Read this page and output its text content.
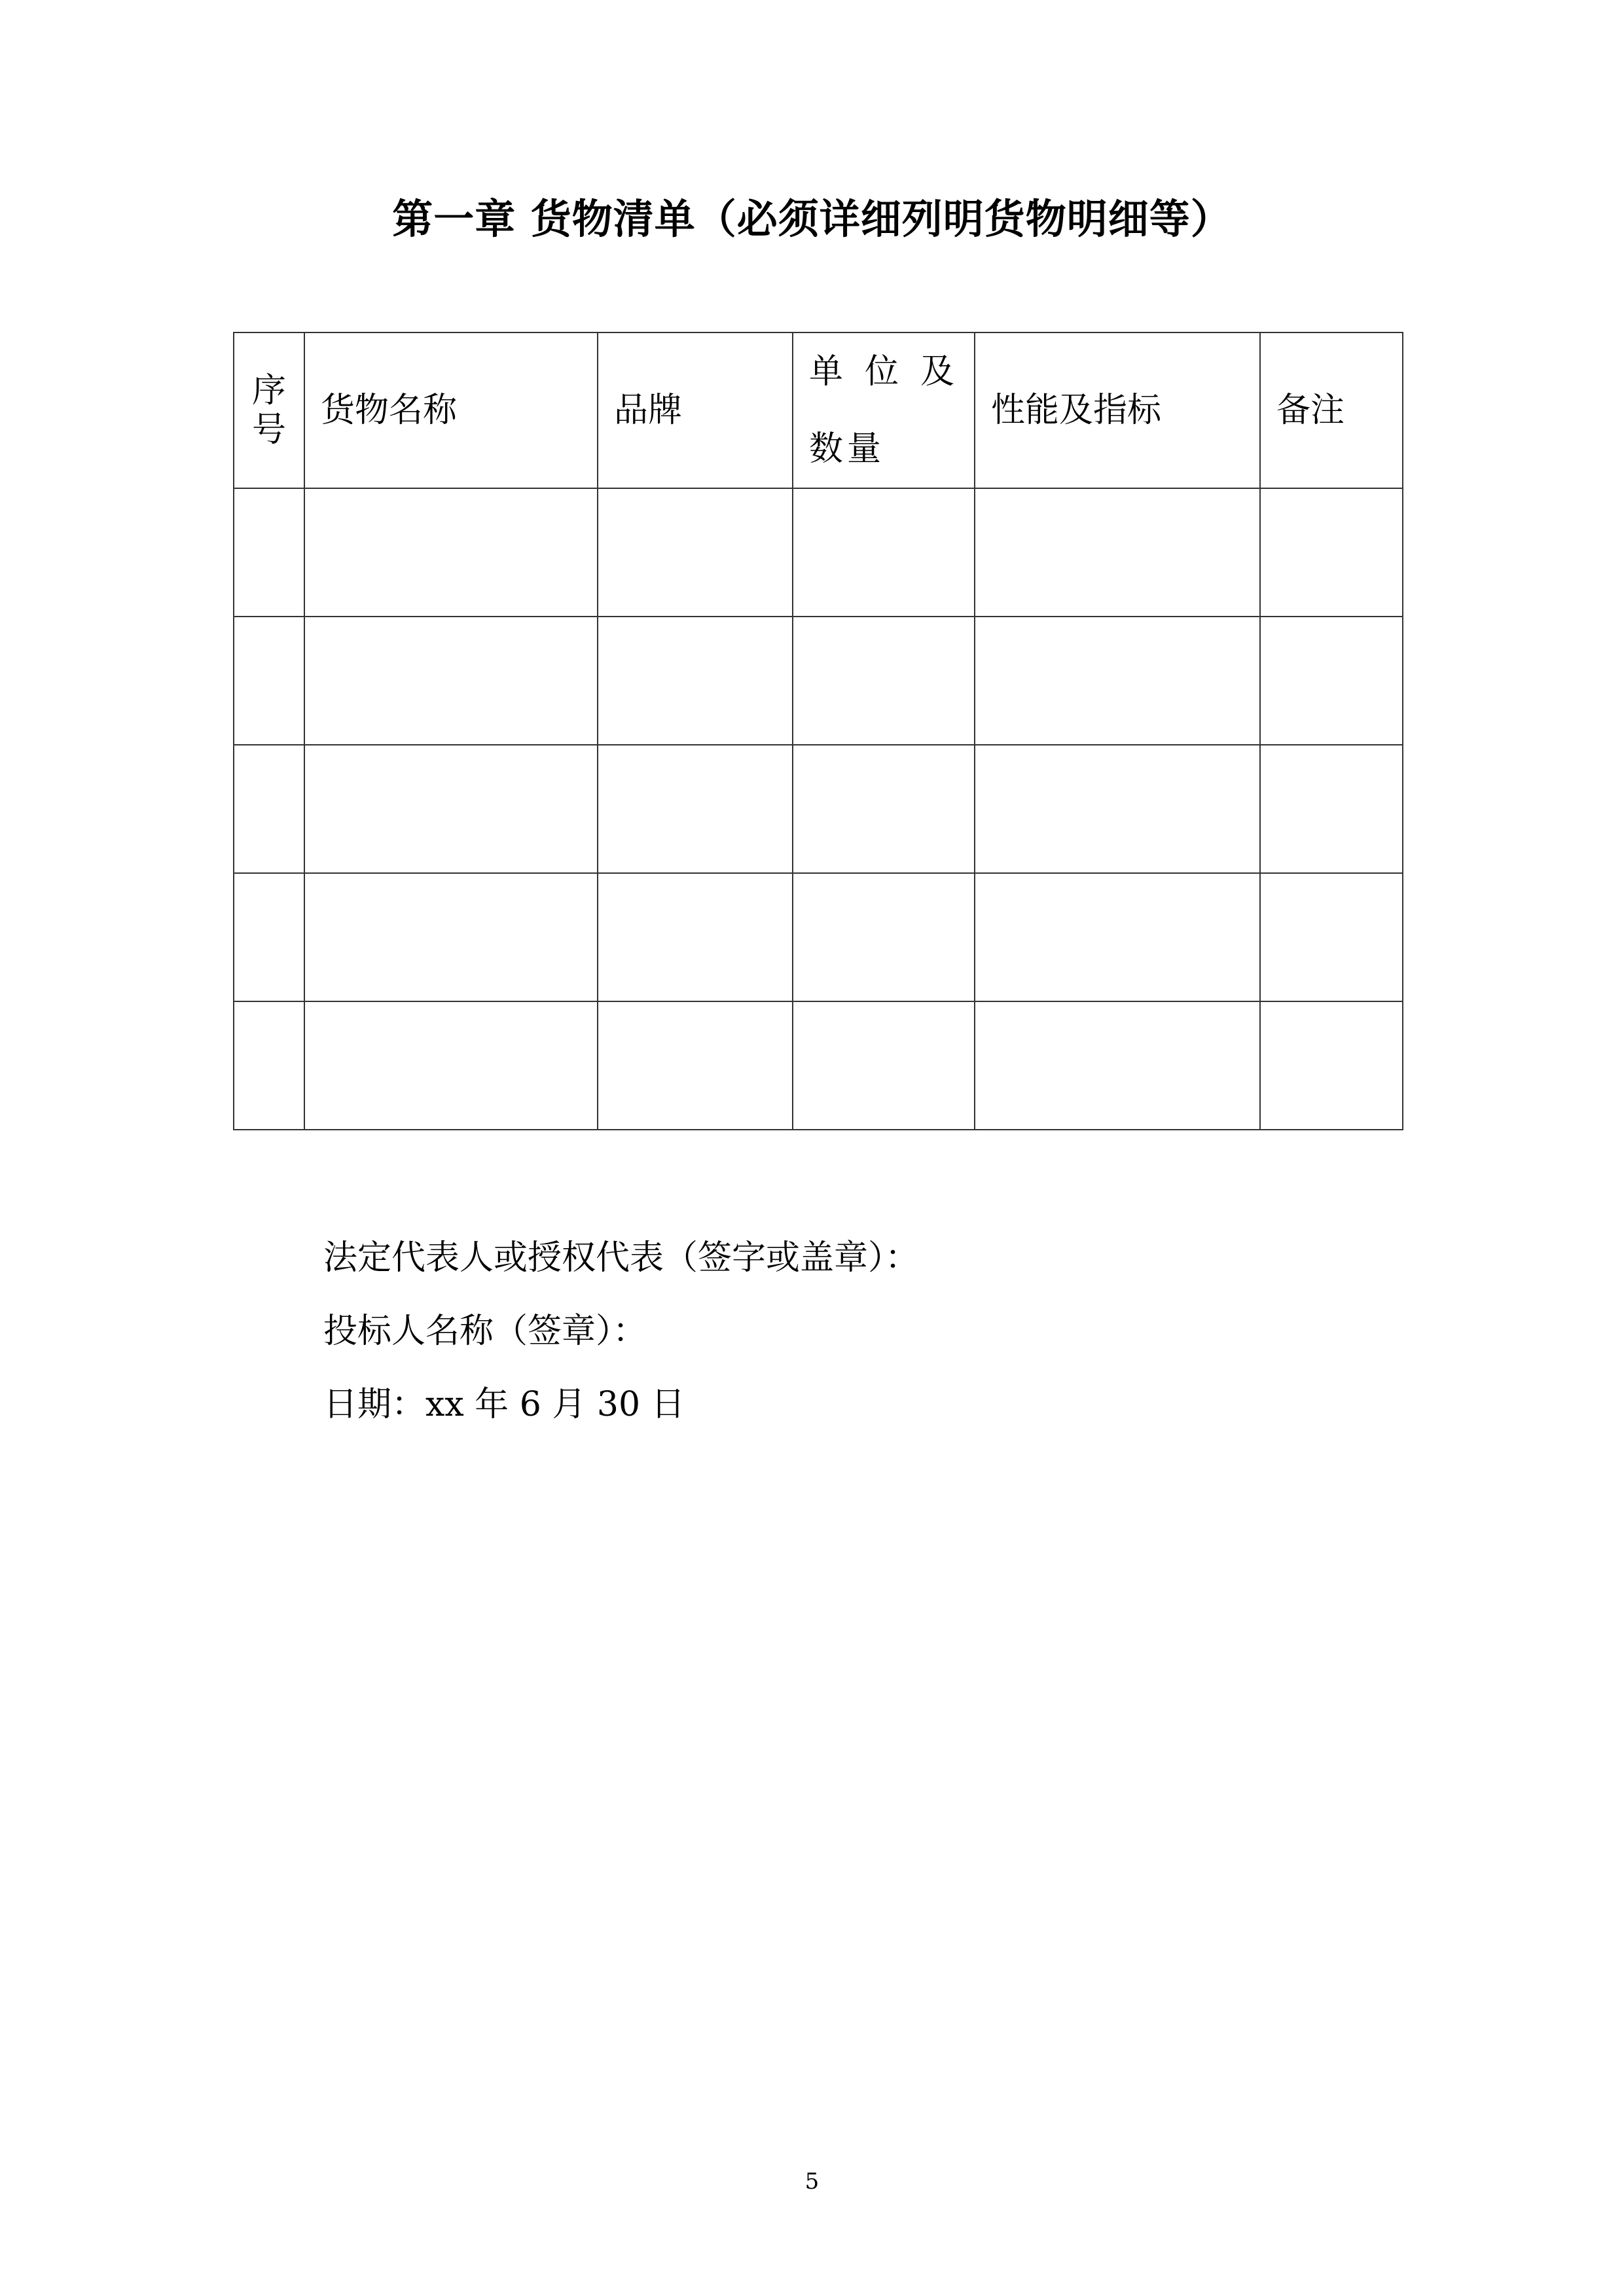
第一章 货物清单（必须详细列明货物明细等）
序号	货物名称	品牌	单 位 及数量	性能及指标	备注

法定代表人或授权代表（签字或盖章）：
投标人名称（签章）：
日期：xx 年 6 月 30 日
5
